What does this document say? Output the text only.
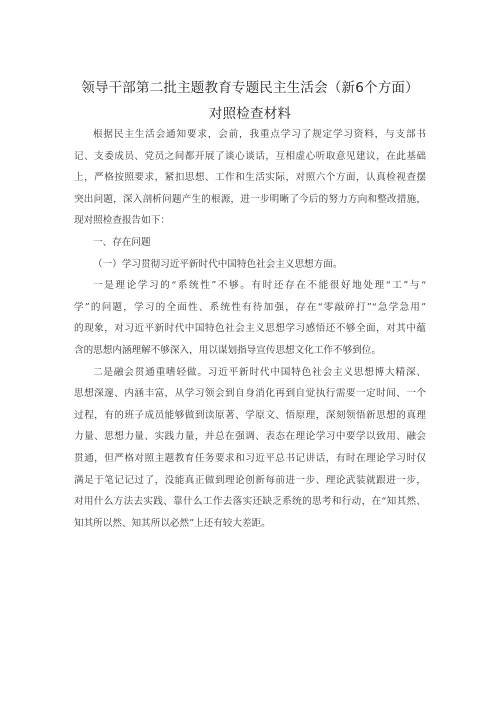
领导干部第二批主题教育专题民主生活会（新6个方面）
对照检查材料
根据民主生活会通知要求，会前，我重点学习了规定学习资料，与支部书
记、支委成员、党员之间都开展了谈心谈话，互相虚心听取意见建议，在此基础
上，严格按照要求，紧扣思想、工作和生活实际，对照六个方面，认真检视查摆
突出问题，深入剖析问题产生的根源，进一步明晰了今后的努力方向和整改措施，
现对照检查报告如下：
一、存在问题
（一）学习贯彻习近平新时代中国特色社会主义思想方面。
一是理论学习的“系统性”不够。有时还存在不能很好地处理“工”与“
学”的问题，学习的全面性、系统性有待加强，存在“零敲碎打”“急学急用”
的现象，对习近平新时代中国特色社会主义思想学习感悟还不够全面，对其中蕴
含的思想内涵理解不够深入，用以谋划指导宣传思想文化工作不够到位。
二是融会贯通重嗜轻做。习近平新时代中国特色社会主义思想博大精深、
思想深邃、内涵丰富，从学习领会到自身消化再到自觉执行需要一定时间、一个
过程，有的班子成员能够做到读原著、学原文、悟原理，深刻领悟新思想的真理
力量、思想力量、实践力量，并总在强调、表态在理论学习中要学以致用、融会
贯通，但严格对照主题教育任务要求和习近平总书记讲话，有时在理论学习时仅
满足于笔记记过了，没能真正做到理论创新每前进一步、理论武装就跟进一步，
对用什么方法去实践、靠什么工作去落实还缺乏系统的思考和行动，在“知其然、
知其所以然、知其所以必然”上还有较大差距。
